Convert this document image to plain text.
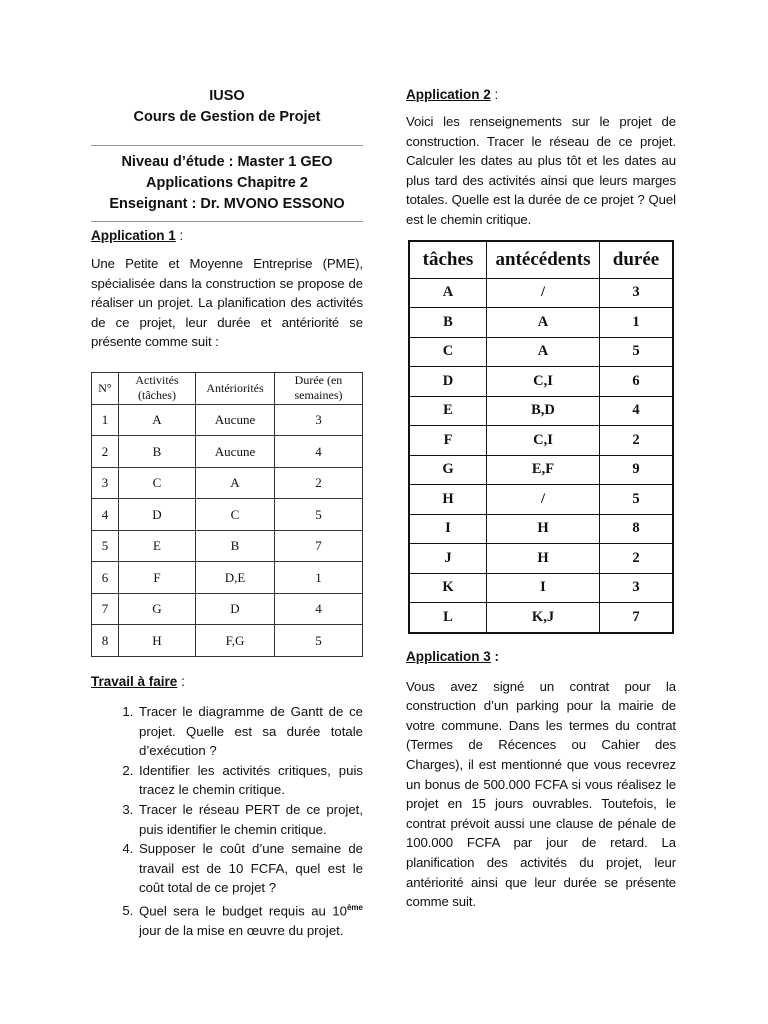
IUSO
Cours de Gestion de Projet
Niveau d’étude : Master 1 GEO
Applications Chapitre 2
Enseignant : Dr. MVONO ESSONO
Application 1 :

Une Petite et Moyenne Entreprise (PME), spécialisée dans la construction se propose de réaliser un projet. La planification des activités de ce projet, leur durée et antériorité se présente comme suit :

N°	Activités (tâches)	Antériorités	Durée (en semaines)
1	A	Aucune	3
2	B	Aucune	4
3	C	A	2
4	D	C	5
5	E	B	7
6	F	D,E	1
7	G	D	4
8	H	F,G	5
Travail à faire :
1. Tracer le diagramme de Gantt de ce projet. Quelle est sa durée totale d’exécution ?
2. Identifier les activités critiques, puis tracez le chemin critique.
3. Tracer le réseau PERT de ce projet, puis identifier le chemin critique.
4. Supposer le coût d’une semaine de travail est de 10 FCFA, quel est le coût total de ce projet ?
5. Quel sera le budget requis au 10ème jour de la mise en œuvre du projet.
Application 2 :

Voici les renseignements sur le projet de construction. Tracer le réseau de ce projet. Calculer les dates au plus tôt et les dates au plus tard des activités ainsi que leurs marges totales. Quelle est la durée de ce projet ? Quel est le chemin critique.

tâches	antécédents	durée
A	/	3
B	A	1
C	A	5
D	C,I	6
E	B,D	4
F	C,I	2
G	E,F	9
H	/	5
I	H	8
J	H	2
K	I	3
L	K,J	7
Application 3 :

Vous avez signé un contrat pour la construction d’un parking pour la mairie de votre commune. Dans les termes du contrat (Termes de Récences ou Cahier des Charges), il est mentionné que vous recevrez un bonus de 500.000 FCFA si vous réalisez le projet en 15 jours ouvrables. Toutefois, le contrat prévoit aussi une clause de pénale de 100.000 FCFA par jour de retard. La planification des activités du projet, leur antériorité ainsi que leur durée se présente comme suit.
